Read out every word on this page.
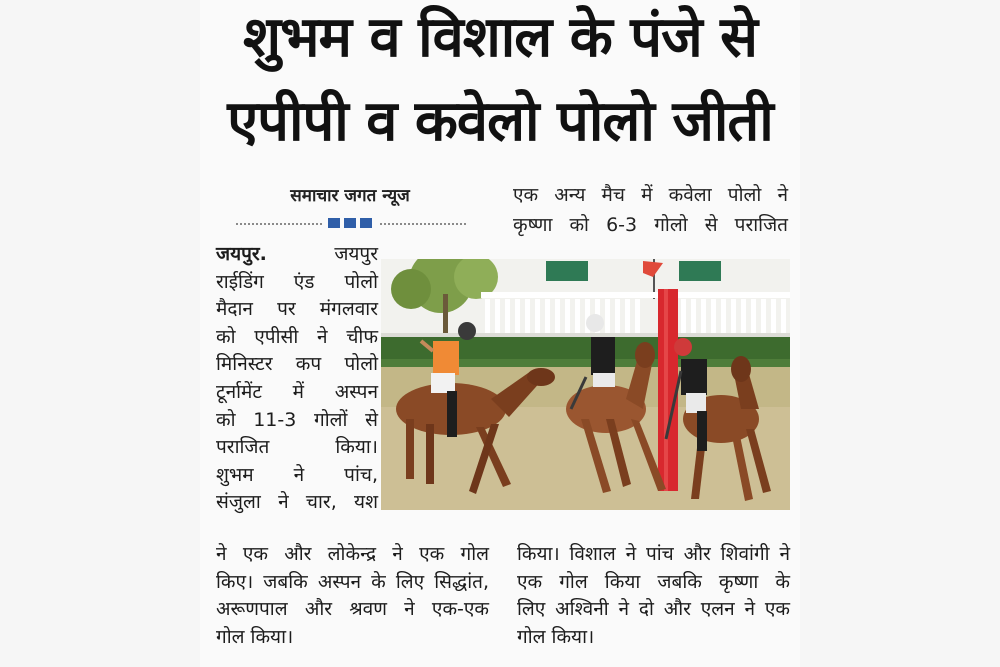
शुभम व विशाल के पंजे से
एपीपी व कवेलो पोलो जीती
समाचार जगत न्यूज	एक अन्य मैच में कवेला पोलो ने
कृष्णा को 6-3 गोलो से पराजित
जयपुर.	जयपुर
राईडिंग एंड पोलो
मैदान पर मंगलवार
को एपीसी ने चीफ
मिनिस्टर कप पोलो
टूर्नामेंट में अस्पन
को 11-3 गोलों से
पराजित किया।
शुभम ने पांच,
संजुला ने चार, यश
ने एक और लोकेन्द्र ने एक गोल
किए। जबकि अस्पन के लिए सिद्धांत,
अरूणपाल और श्रवण ने एक-एक
गोल किया।
किया। विशाल ने पांच और शिवांगी ने
एक गोल किया जबकि कृष्णा के
लिए अश्विनी ने दो और एलन ने एक
गोल किया।
